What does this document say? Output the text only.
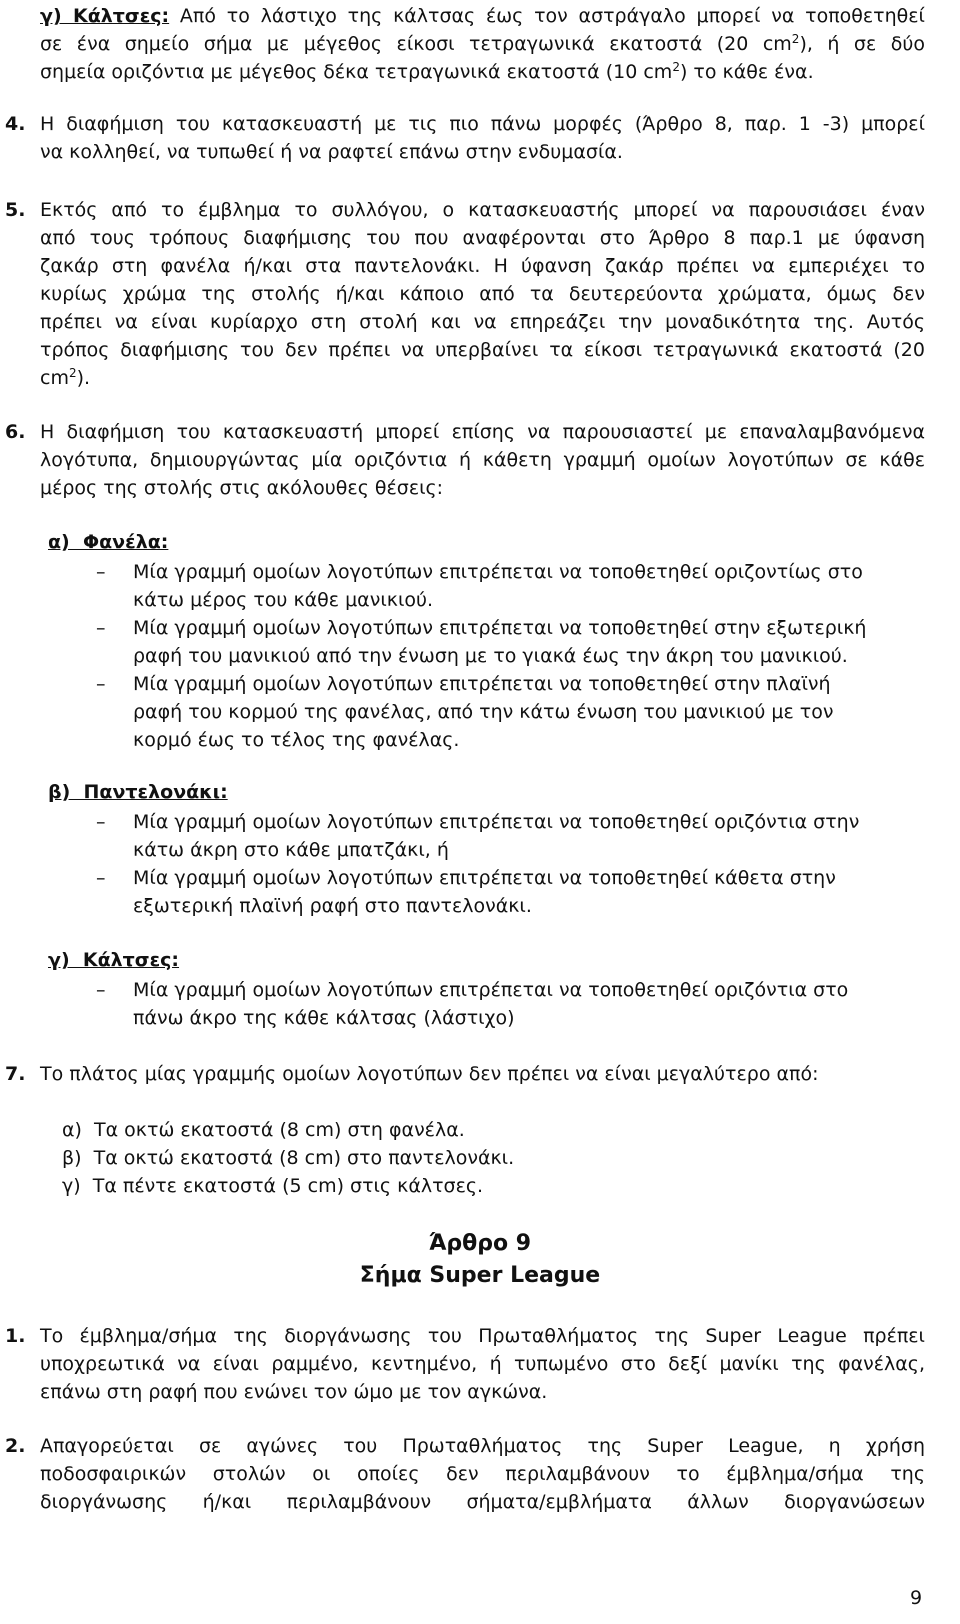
γ) Κάλτσες: Από το λάστιχο της κάλτσας έως τον αστράγαλο μπορεί να τοποθετηθεί
σε ένα σημείο σήμα με μέγεθος είκοσι τετραγωνικά εκατοστά (20 $cm^2$), ή σε δύο
σημεία οριζόντια με μέγεθος δέκα τετραγωνικά εκατοστά (10 $cm^2$) το κάθε ένα.
4. Η διαφήμιση του κατασκευαστή με τις πιο πάνω μορφές (Άρθρο 8, παρ. 1 -3) μπορεί
να κολληθεί, να τυπωθεί ή να ραφτεί επάνω στην ενδυμασία.
5. Εκτός από το έμβλημα το συλλόγου, ο κατασκευαστής μπορεί να παρουσιάσει έναν
από τους τρόπους διαφήμισης του που αναφέρονται στο Άρθρο 8 παρ.1 με ύφανση
ζακάρ στη φανέλα ή/και στα παντελονάκι. Η ύφανση ζακάρ πρέπει να εμπεριέχει το
κυρίως χρώμα της στολής ή/και κάποιο από τα δευτερεύοντα χρώματα, όμως δεν
πρέπει να είναι κυρίαρχο στη στολή και να επηρεάζει την μοναδικότητα της. Αυτός
τρόπος διαφήμισης του δεν πρέπει να υπερβαίνει τα είκοσι τετραγωνικά εκατοστά (20
$cm^2$).
6. Η διαφήμιση του κατασκευαστή μπορεί επίσης να παρουσιαστεί με επαναλαμβανόμενα
λογότυπα, δημιουργώντας μία οριζόντια ή κάθετη γραμμή ομοίων λογοτύπων σε κάθε
μέρος της στολής στις ακόλουθες θέσεις:
α)  Φανέλα:
– Μία γραμμή ομοίων λογοτύπων επιτρέπεται να τοποθετηθεί οριζοντίως στο
κάτω μέρος του κάθε μανικιού.
– Μία γραμμή ομοίων λογοτύπων επιτρέπεται να τοποθετηθεί στην εξωτερική
ραφή του μανικιού από την ένωση με το γιακά έως την άκρη του μανικιού.
– Μία γραμμή ομοίων λογοτύπων επιτρέπεται να τοποθετηθεί στην πλαϊνή
ραφή του κορμού της φανέλας, από την κάτω ένωση του μανικιού με τον
κορμό έως το τέλος της φανέλας.
β)  Παντελονάκι:
– Μία γραμμή ομοίων λογοτύπων επιτρέπεται να τοποθετηθεί οριζόντια στην
κάτω άκρη στο κάθε μπατζάκι, ή
– Μία γραμμή ομοίων λογοτύπων επιτρέπεται να τοποθετηθεί κάθετα στην
εξωτερική πλαϊνή ραφή στο παντελονάκι.
γ)  Κάλτσες:
– Μία γραμμή ομοίων λογοτύπων επιτρέπεται να τοποθετηθεί οριζόντια στο
πάνω άκρο της κάθε κάλτσας (λάστιχο)
7. Το πλάτος μίας γραμμής ομοίων λογοτύπων δεν πρέπει να είναι μεγαλύτερο από:
α)  Τα οκτώ εκατοστά (8 cm) στη φανέλα.
β)  Τα οκτώ εκατοστά (8 cm) στο παντελονάκι.
γ)  Τα πέντε εκατοστά (5 cm) στις κάλτσες.
Άρθρο 9
Σήμα Super League
1. Το έμβλημα/σήμα της διοργάνωσης του Πρωταθλήματος της Super League πρέπει
υποχρεωτικά να είναι ραμμένο, κεντημένο, ή τυπωμένο στο δεξί μανίκι της φανέλας,
επάνω στη ραφή που ενώνει τον ώμο με τον αγκώνα.
2. Απαγορεύεται σε αγώνες του Πρωταθλήματος της Super League, η χρήση
ποδοσφαιρικών στολών οι οποίες δεν περιλαμβάνουν το έμβλημα/σήμα της
διοργάνωσης ή/και περιλαμβάνουν σήματα/εμβλήματα άλλων διοργανώσεων
9
